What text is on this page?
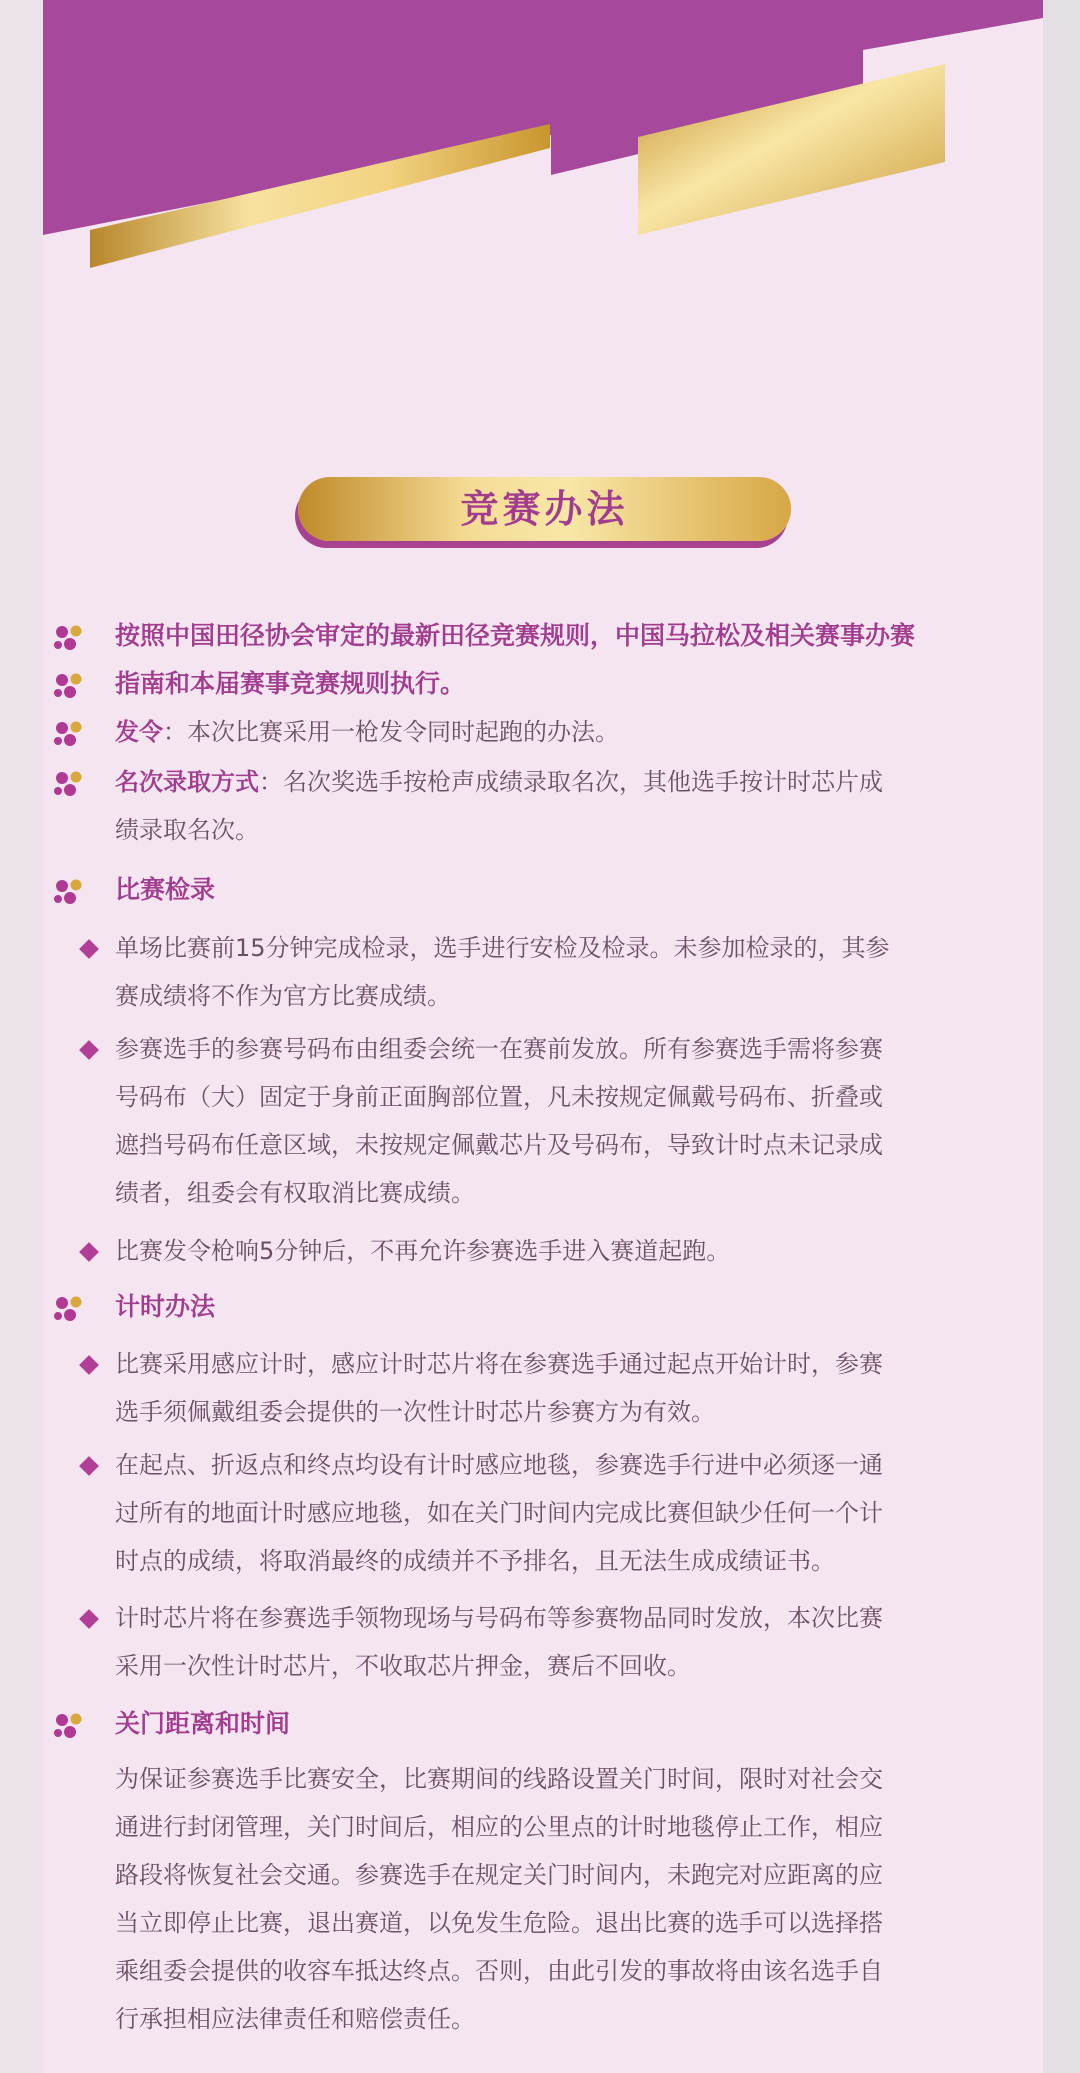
竞赛办法
按照中国田径协会审定的最新田径竞赛规则，中国马拉松及相关赛事办赛
指南和本届赛事竞赛规则执行。
发令：本次比赛采用一枪发令同时起跑的办法。
名次录取方式：名次奖选手按枪声成绩录取名次，其他选手按计时芯片成
绩录取名次。
比赛检录
单场比赛前15分钟完成检录，选手进行安检及检录。未参加检录的，其参
赛成绩将不作为官方比赛成绩。
参赛选手的参赛号码布由组委会统一在赛前发放。所有参赛选手需将参赛
号码布（大）固定于身前正面胸部位置，凡未按规定佩戴号码布、折叠或
遮挡号码布任意区域，未按规定佩戴芯片及号码布，导致计时点未记录成
绩者，组委会有权取消比赛成绩。
比赛发令枪响5分钟后，不再允许参赛选手进入赛道起跑。
计时办法
比赛采用感应计时，感应计时芯片将在参赛选手通过起点开始计时，参赛
选手须佩戴组委会提供的一次性计时芯片参赛方为有效。
在起点、折返点和终点均设有计时感应地毯，参赛选手行进中必须逐一通
过所有的地面计时感应地毯，如在关门时间内完成比赛但缺少任何一个计
时点的成绩，将取消最终的成绩并不予排名，且无法生成成绩证书。
计时芯片将在参赛选手领物现场与号码布等参赛物品同时发放，本次比赛
采用一次性计时芯片，不收取芯片押金，赛后不回收。
关门距离和时间
为保证参赛选手比赛安全，比赛期间的线路设置关门时间，限时对社会交
通进行封闭管理，关门时间后，相应的公里点的计时地毯停止工作，相应
路段将恢复社会交通。参赛选手在规定关门时间内，未跑完对应距离的应
当立即停止比赛，退出赛道，以免发生危险。退出比赛的选手可以选择搭
乘组委会提供的收容车抵达终点。否则，由此引发的事故将由该名选手自
行承担相应法律责任和赔偿责任。
